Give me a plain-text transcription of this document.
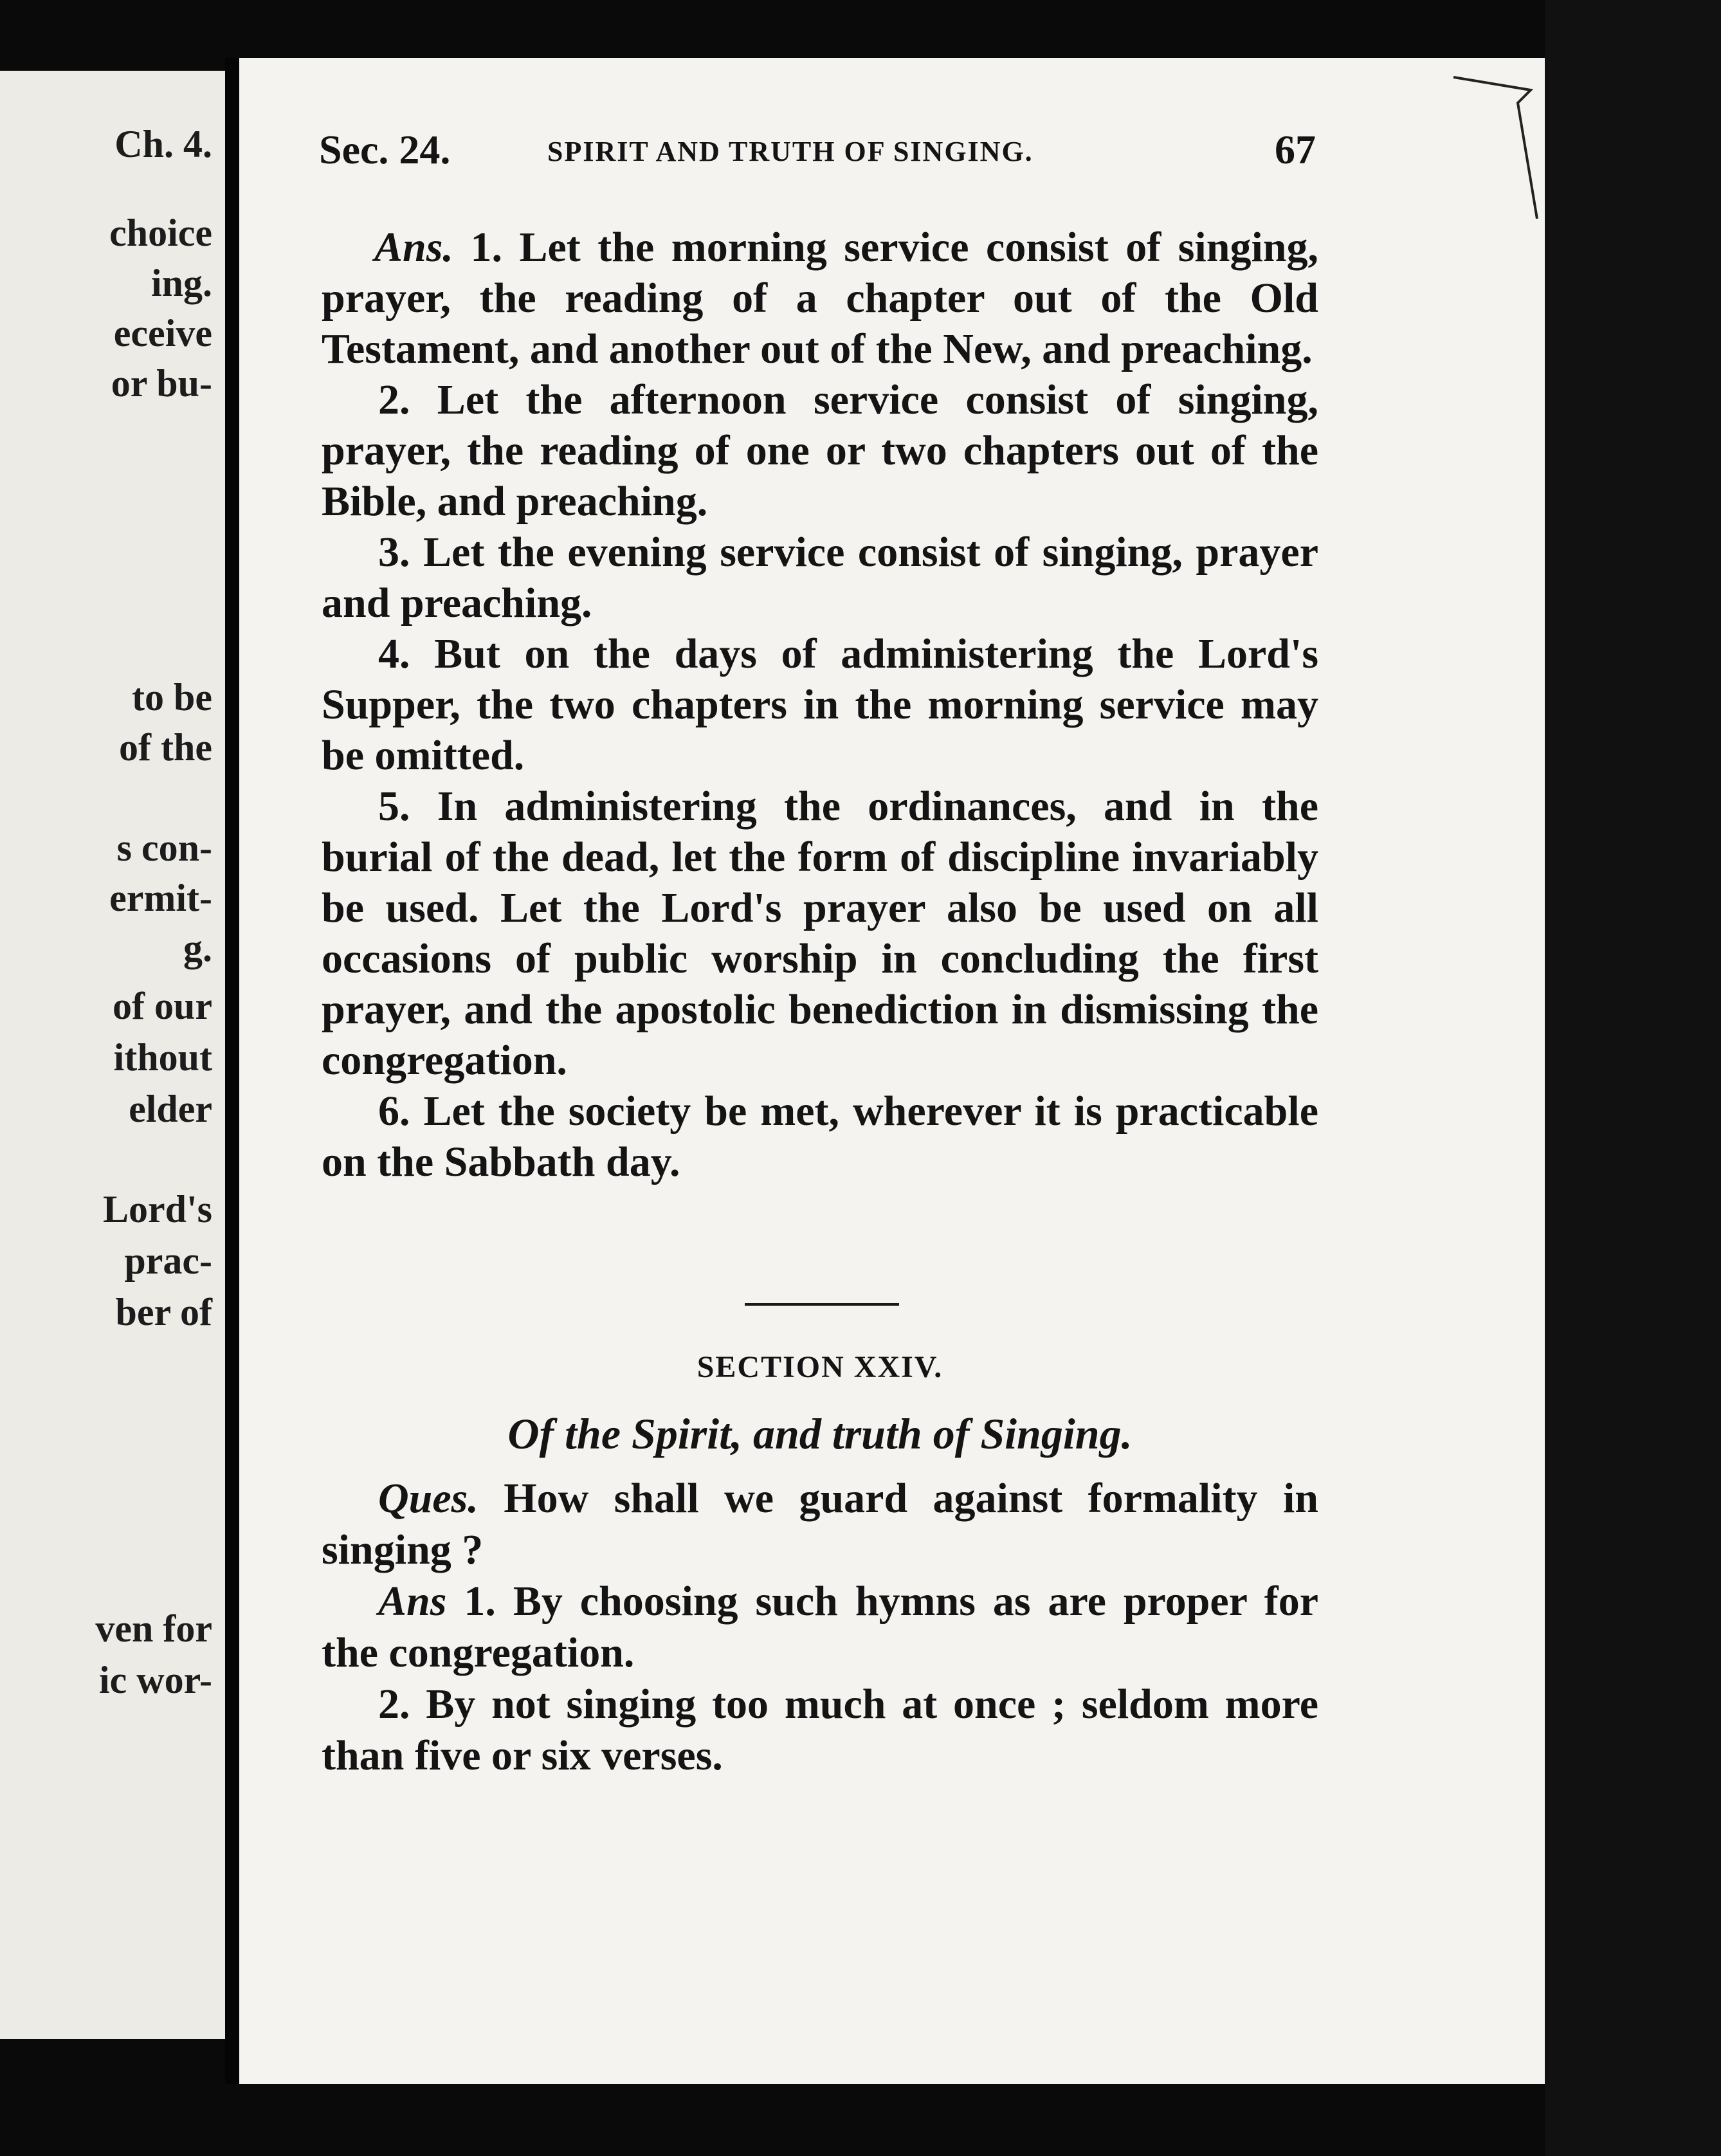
Ch. 4.
choice
ing.
eceive
or bu-
to be
of the
s con-
ermit-
g.
of our
ithout
elder
Lord's
prac-
ber of
ven for
ic wor-
Sec. 24.	SPIRIT AND TRUTH OF SINGING.	67

Ans. 1. Let the morning service consist of singing, prayer, the reading of a chapter out of the Old Testament, and another out of the New, and preaching.

2. Let the afternoon service consist of singing, prayer, the reading of one or two chapters out of the Bible, and preaching.

3. Let the evening service consist of singing, prayer and preaching.

4. But on the days of administering the Lord's Supper, the two chapters in the morning service may be omitted.

5. In administering the ordinances, and in the burial of the dead, let the form of discipline invariably be used. Let the Lord's prayer also be used on all occasions of public worship in concluding the first prayer, and the apostolic benediction in dismissing the congregation.

6. Let the society be met, wherever it is practicable on the Sabbath day.

SECTION XXIV.
Of the Spirit, and truth of Singing.

Ques. How shall we guard against formality in singing ?

Ans 1. By choosing such hymns as are proper for the congregation.

2. By not singing too much at once ; seldom more than five or six verses.
